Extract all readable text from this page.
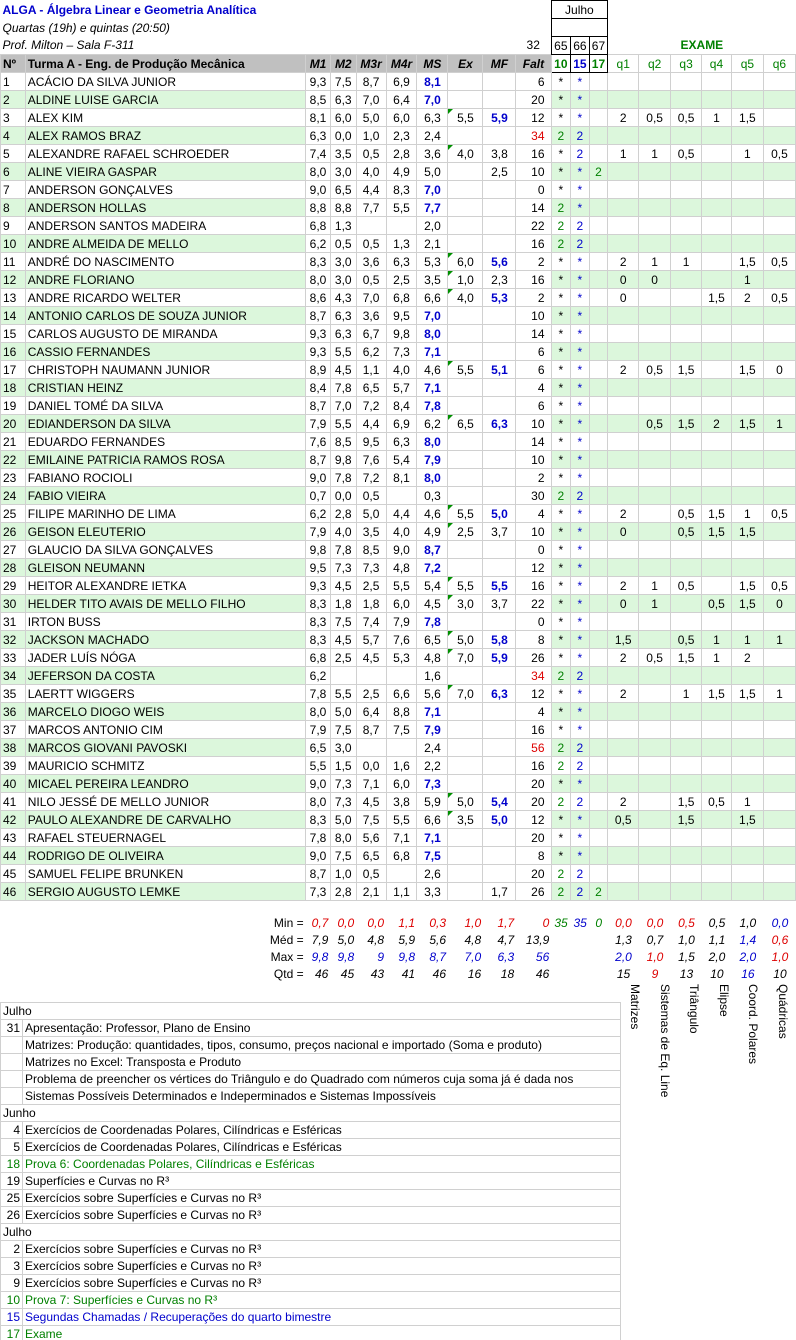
ALGA - Álgebra Linear e Geometria Analítica										Julho								
Quartas (19h) e quintas (20:50)																		
Prof. Milton – Sala F-311									32	65	66	67	EXAME					
Nº	Turma A - Eng. de Produção Mecânica	M1	M2	M3r	M4r	MS	Ex	MF	Falt	10	15	17	q1	q2	q3	q4	q5	q6
1	ACÁCIO DA SILVA JUNIOR	9,3	7,5	8,7	6,9	8,1			6	*	*							
2	ALDINE LUISE GARCIA	8,5	6,3	7,0	6,4	7,0			20	*	*							
3	ALEX KIM	8,1	6,0	5,0	6,0	6,3	5,5	5,9	12	*	*		2	0,5	0,5	1	1,5	
4	ALEX RAMOS BRAZ	6,3	0,0	1,0	2,3	2,4			34	2	2							
5	ALEXANDRE RAFAEL SCHROEDER	7,4	3,5	0,5	2,8	3,6	4,0	3,8	16	*	2		1	1	0,5		1	0,5
6	ALINE VIEIRA GASPAR	8,0	3,0	4,0	4,9	5,0		2,5	10	*	*	2						
7	ANDERSON GONÇALVES	9,0	6,5	4,4	8,3	7,0			0	*	*							
8	ANDERSON HOLLAS	8,8	8,8	7,7	5,5	7,7			14	2	*							
9	ANDERSON SANTOS MADEIRA	6,8	1,3			2,0			22	2	2							
10	ANDRE ALMEIDA DE MELLO	6,2	0,5	0,5	1,3	2,1			16	2	2							
11	ANDRÉ DO NASCIMENTO	8,3	3,0	3,6	6,3	5,3	6,0	5,6	2	*	*		2	1	1		1,5	0,5
12	ANDRE FLORIANO	8,0	3,0	0,5	2,5	3,5	1,0	2,3	16	*	*		0	0			1	
13	ANDRE RICARDO WELTER	8,6	4,3	7,0	6,8	6,6	4,0	5,3	2	*	*		0			1,5	2	0,5
14	ANTONIO CARLOS DE SOUZA JUNIOR	8,7	6,3	3,6	9,5	7,0			10	*	*							
15	CARLOS AUGUSTO DE MIRANDA	9,3	6,3	6,7	9,8	8,0			14	*	*							
16	CASSIO FERNANDES	9,3	5,5	6,2	7,3	7,1			6	*	*							
17	CHRISTOPH NAUMANN JUNIOR	8,9	4,5	1,1	4,0	4,6	5,5	5,1	6	*	*		2	0,5	1,5		1,5	0
18	CRISTIAN HEINZ	8,4	7,8	6,5	5,7	7,1			4	*	*							
19	DANIEL TOMÉ DA SILVA	8,7	7,0	7,2	8,4	7,8			6	*	*							
20	EDIANDERSON DA SILVA	7,9	5,5	4,4	6,9	6,2	6,5	6,3	10	*	*			0,5	1,5	2	1,5	1
21	EDUARDO FERNANDES	7,6	8,5	9,5	6,3	8,0			14	*	*							
22	EMILAINE PATRICIA RAMOS ROSA	8,7	9,8	7,6	5,4	7,9			10	*	*							
23	FABIANO ROCIOLI	9,0	7,8	7,2	8,1	8,0			2	*	*							
24	FABIO VIEIRA	0,7	0,0	0,5		0,3			30	2	2							
25	FILIPE MARINHO DE LIMA	6,2	2,8	5,0	4,4	4,6	5,5	5,0	4	*	*		2		0,5	1,5	1	0,5
26	GEISON ELEUTERIO	7,9	4,0	3,5	4,0	4,9	2,5	3,7	10	*	*		0		0,5	1,5	1,5	
27	GLAUCIO DA SILVA GONÇALVES	9,8	7,8	8,5	9,0	8,7			0	*	*							
28	GLEISON NEUMANN	9,5	7,3	7,3	4,8	7,2			12	*	*							
29	HEITOR ALEXANDRE IETKA	9,3	4,5	2,5	5,5	5,4	5,5	5,5	16	*	*		2	1	0,5		1,5	0,5
30	HELDER TITO AVAIS DE MELLO FILHO	8,3	1,8	1,8	6,0	4,5	3,0	3,7	22	*	*		0	1		0,5	1,5	0
31	IRTON BUSS	8,3	7,5	7,4	7,9	7,8			0	*	*							
32	JACKSON MACHADO	8,3	4,5	5,7	7,6	6,5	5,0	5,8	8	*	*		1,5		0,5	1	1	1
33	JADER LUÍS NÓGA	6,8	2,5	4,5	5,3	4,8	7,0	5,9	26	*	*		2	0,5	1,5	1	2	
34	JEFERSON DA COSTA	6,2				1,6			34	2	2							
35	LAERTT WIGGERS	7,8	5,5	2,5	6,6	5,6	7,0	6,3	12	*	*		2		1	1,5	1,5	1
36	MARCELO DIOGO WEIS	8,0	5,0	6,4	8,8	7,1			4	*	*							
37	MARCOS ANTONIO CIM	7,9	7,5	8,7	7,5	7,9			16	*	*							
38	MARCOS GIOVANI PAVOSKI	6,5	3,0			2,4			56	2	2							
39	MAURICIO SCHMITZ	5,5	1,5	0,0	1,6	2,2			16	2	2							
40	MICAEL PEREIRA LEANDRO	9,0	7,3	7,1	6,0	7,3			20	*	*							
41	NILO JESSÉ DE MELLO JUNIOR	8,0	7,3	4,5	3,8	5,9	5,0	5,4	20	2	2		2		1,5	0,5	1	
42	PAULO ALEXANDRE DE CARVALHO	8,3	5,0	7,5	5,5	6,6	3,5	5,0	12	*	*		0,5		1,5		1,5	
43	RAFAEL STEUERNAGEL	7,8	8,0	5,6	7,1	7,1			20	*	*							
44	RODRIGO DE OLIVEIRA	9,0	7,5	6,5	6,8	7,5			8	*	*							
45	SAMUEL FELIPE BRUNKEN	8,7	1,0	0,5		2,6			20	2	2							
46	SERGIO AUGUSTO LEMKE	7,3	2,8	2,1	1,1	3,3		1,7	26	2	2	2						
Min =	0,7	0,0	0,0	1,1	0,3	1,0	1,7	0	35	35	0	0,0	0,0	0,5	0,5	1,0	0,0
Méd =	7,9	5,0	4,8	5,9	5,6	4,8	4,7	13,9				1,3	0,7	1,0	1,1	1,4	0,6
Max =	9,8	9,8	9	9,8	8,7	7,0	6,3	56				2,0	1,0	1,5	2,0	2,0	1,0
Qtd =	46	45	43	41	46	16	18	46				15	9	13	10	16	10
Matrizes Sistemas de Eq. Line Triângulo Elipse Coord. Polares Quádricas
Julho	
31	Apresentação: Professor, Plano de Ensino
	Matrizes: Produção: quantidades, tipos, consumo, preços nacional e importado (Soma e produto)
	Matrizes no Excel: Transposta e Produto
	Problema de preencher os vértices do Triângulo e do Quadrado com números cuja soma já é dada nos
	Sistemas Possíveis Determinados e Indeperminados e Sistemas Impossíveis
Junho	
4	Exercícios de Coordenadas Polares, Cilíndricas e Esféricas
5	Exercícios de Coordenadas Polares, Cilíndricas e Esféricas
18	Prova 6: Coordenadas Polares, Cilíndricas e Esféricas
19	Superfícies e Curvas no R³
25	Exercícios sobre Superfícies e Curvas no R³
26	Exercícios sobre Superfícies e Curvas no R³
Julho	
2	Exercícios sobre Superfícies e Curvas no R³
3	Exercícios sobre Superfícies e Curvas no R³
9	Exercícios sobre Superfícies e Curvas no R³
10	Prova 7: Superfícies e Curvas no R³
15	Segundas Chamadas / Recuperações do quarto bimestre
17	Exame
